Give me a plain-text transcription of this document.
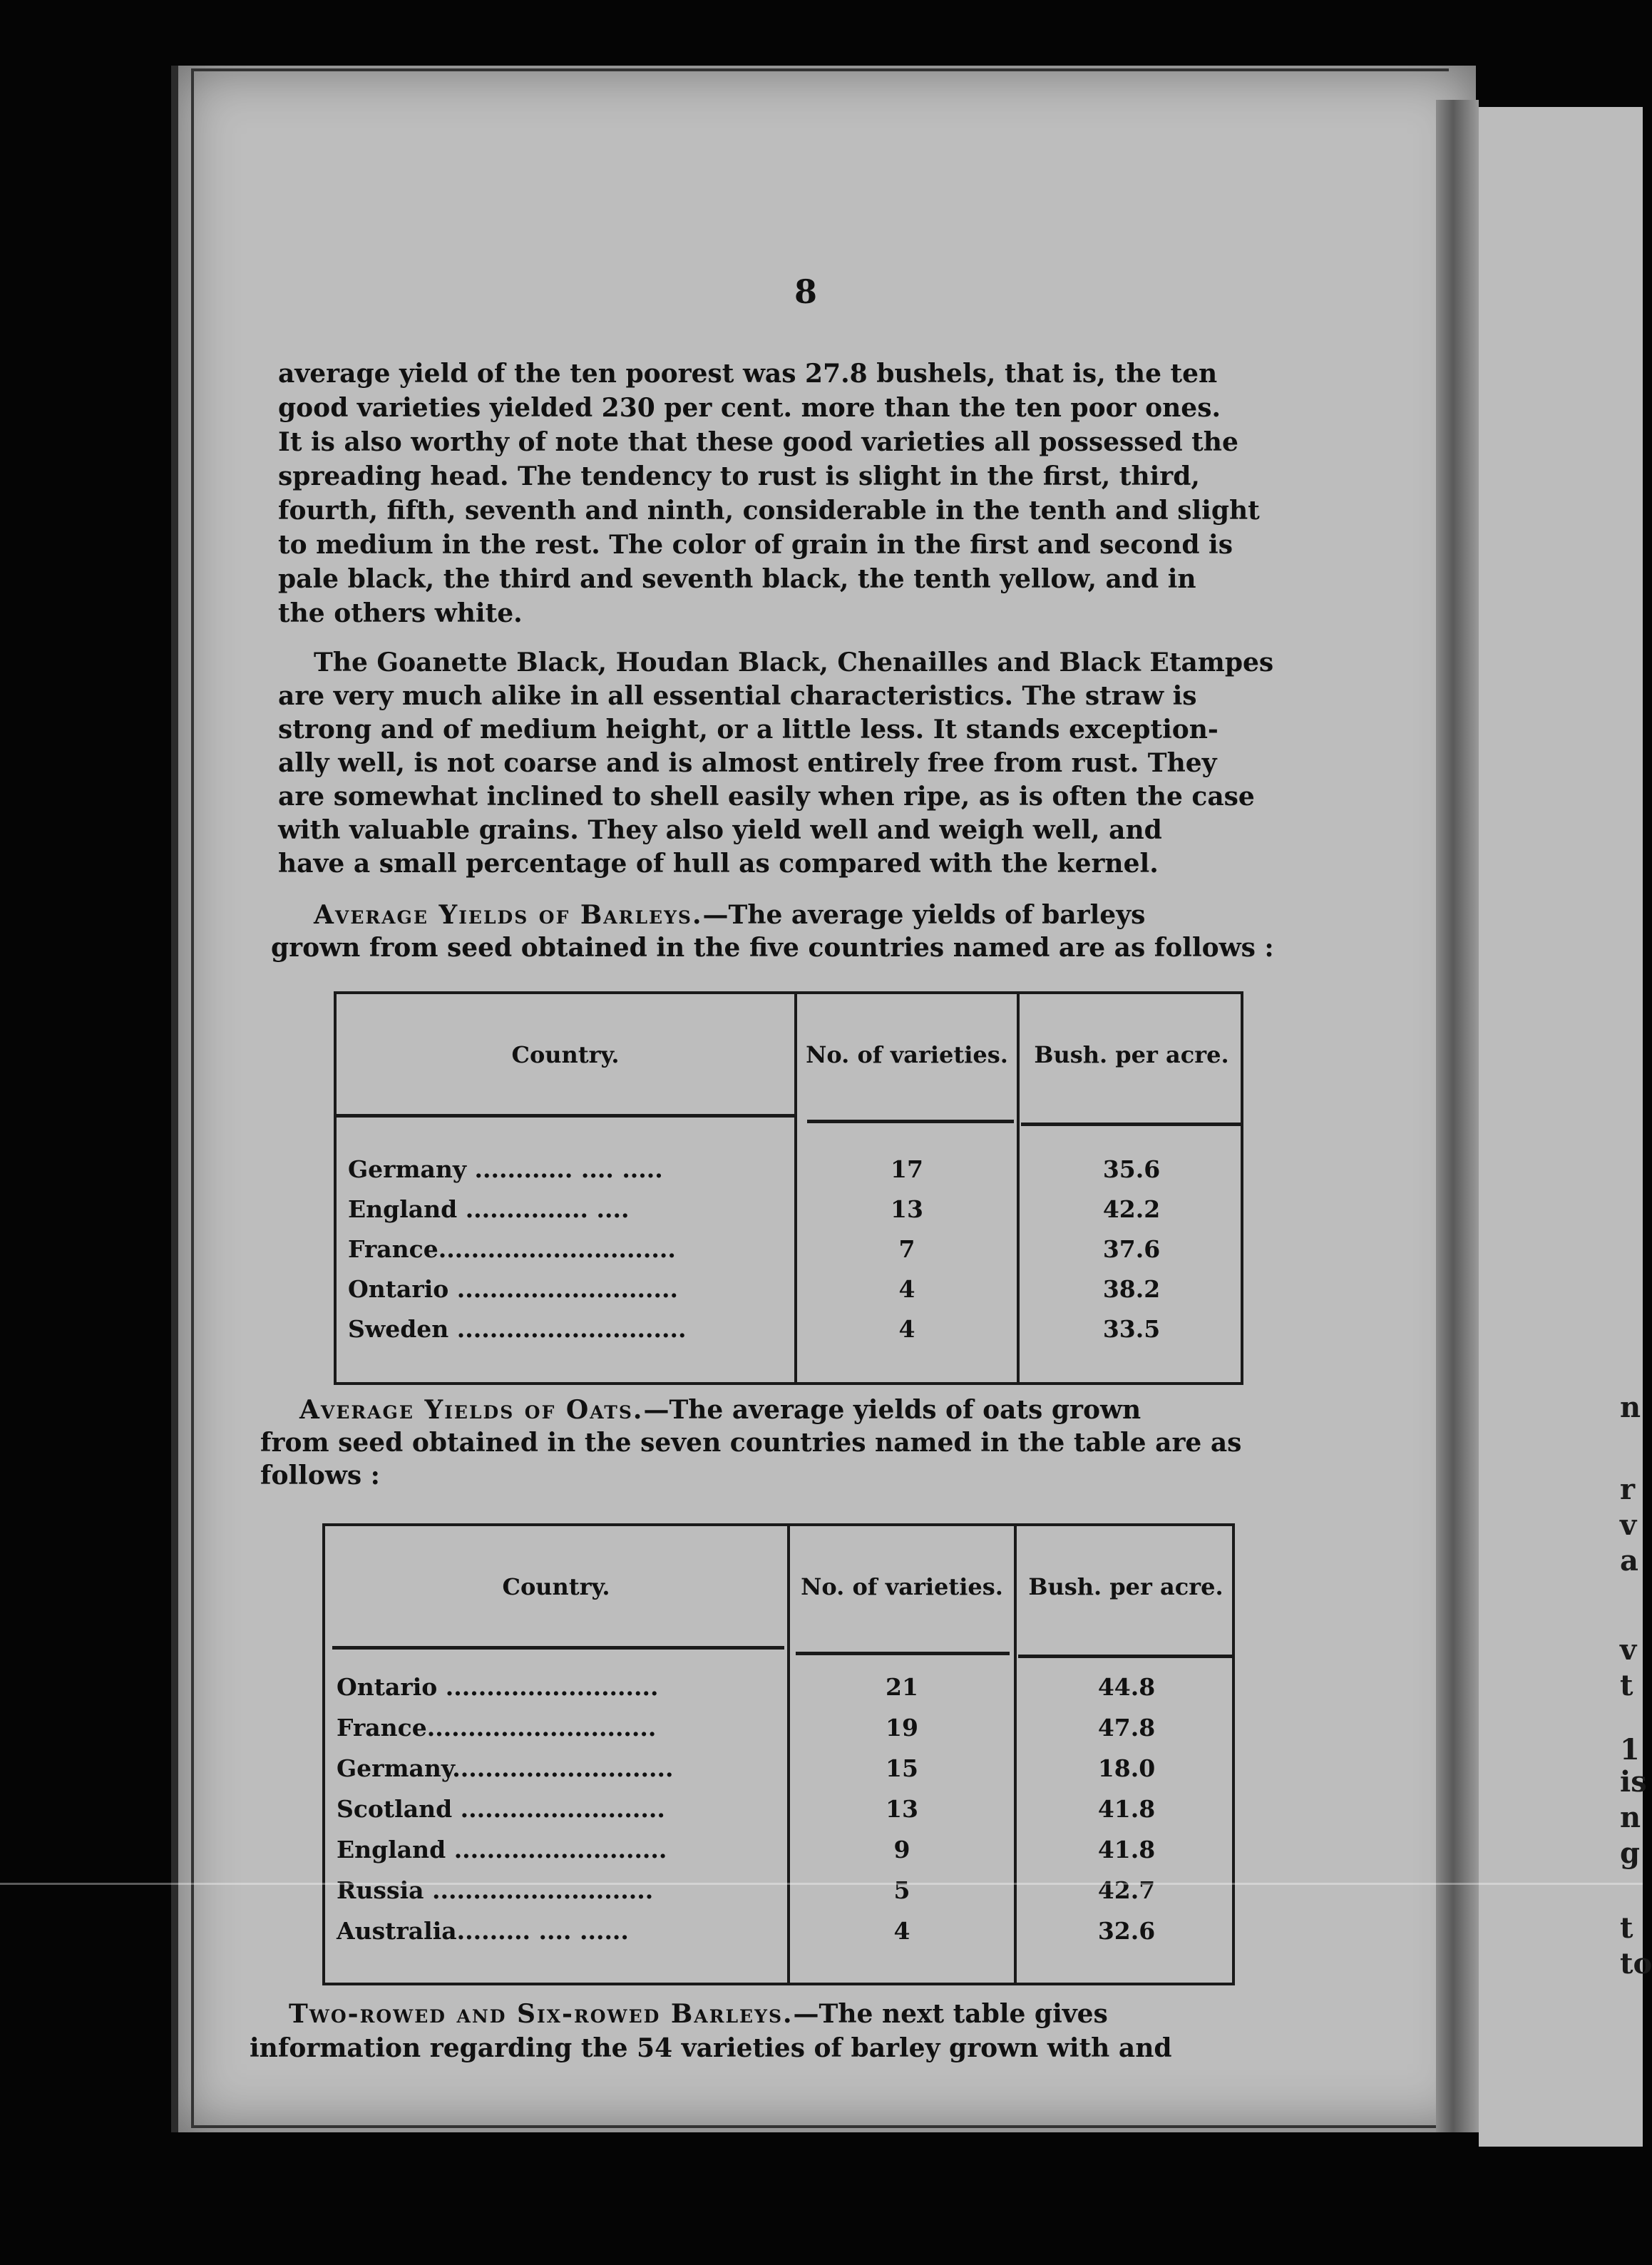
n
r
v
a
v
t
1
is
n
g
t
to
8
average yield of the ten poorest was 27.8 bushels, that is, the ten
good varieties yielded 230 per cent. more than the ten poor ones.
It is also worthy of note that these good varieties all possessed the
spreading head. The tendency to rust is slight in the first, third,
fourth, fifth, seventh and ninth, considerable in the tenth and slight
to medium in the rest. The color of grain in the first and second is
pale black, the third and seventh black, the tenth yellow, and in
the others white.
The Goanette Black, Houdan Black, Chenailles and Black Etampes
are very much alike in all essential characteristics. The straw is
strong and of medium height, or a little less. It stands exception-
ally well, is not coarse and is almost entirely free from rust. They
are somewhat inclined to shell easily when ripe, as is often the case
with valuable grains. They also yield well and weigh well, and
have a small percentage of hull as compared with the kernel.
Average Yields of Barleys.—The average yields of barleys
grown from seed obtained in the five countries named are as follows :
Country.	No. of varieties.	Bush. per acre.
Germany ............ .... .....	17	35.6
England ............... ....	13	42.2
France.............................	7	37.6
Ontario ...........................	4	38.2
Sweden ............................	4	33.5
Average Yields of Oats.—The average yields of oats grown
from seed obtained in the seven countries named in the table are as
follows :
Country.	No. of varieties.	Bush. per acre.
Ontario ..........................	21	44.8
France............................	19	47.8
Germany...........................	15	18.0
Scotland .........................	13	41.8
England ..........................	9	41.8
Russia ...........................	5	42.7
Australia......... .... ......	4	32.6
Two-rowed and Six-rowed Barleys.—The next table gives
information regarding the 54 varieties of barley grown with and
